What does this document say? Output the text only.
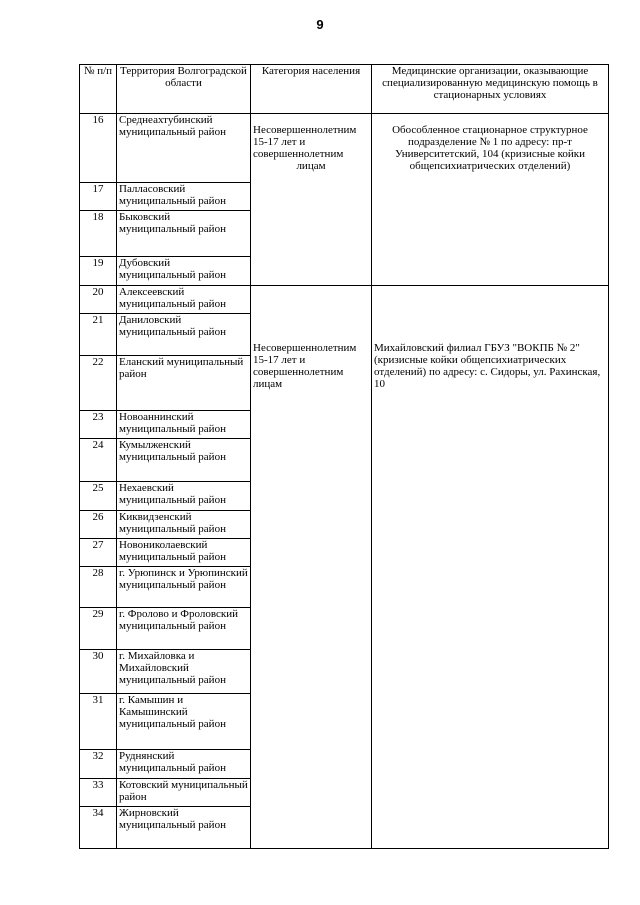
9
№ п/п	Территория Волгоградской области	Категория населения	Медицинские организации, оказывающие специализированную медицинскую помощь в стационарных условиях
16	Среднеахтубинский муниципальный район	Несовершеннолетним
15-17 лет и
совершеннолетним
лицам	Обособленное стационарное структурное подразделение № 1 по адресу: пр-т Университетский, 104 (кризисные койки общепсихиатрических отделений)
17	Палласовский муниципальный район		
18	Быковский муниципальный район		
19	Дубовский муниципальный район		
20	Алексеевский муниципальный район	Несовершеннолетним
15-17 лет и
совершеннолетним
лицам	Михайловский филиал ГБУЗ "ВОКПБ № 2" (кризисные койки общепсихиатрических отделений) по адресу: с. Сидоры, ул. Рахинская, 10
21	Даниловский муниципальный район		
22	Еланский муниципальный район		
23	Новоаннинский муниципальный район		
24	Кумылженский муниципальный район		
25	Нехаевский муниципальный район		
26	Киквидзенский муниципальный район		
27	Новониколаевский муниципальный район		
28	г. Урюпинск и Урюпинский муниципальный район		
29	г. Фролово и Фроловский муниципальный район		
30	г. Михайловка и Михайловский муниципальный район		
31	г. Камышин и Камышинский муниципальный район		
32	Руднянский муниципальный район		
33	Котовский муниципальный район		
34	Жирновский муниципальный район		
